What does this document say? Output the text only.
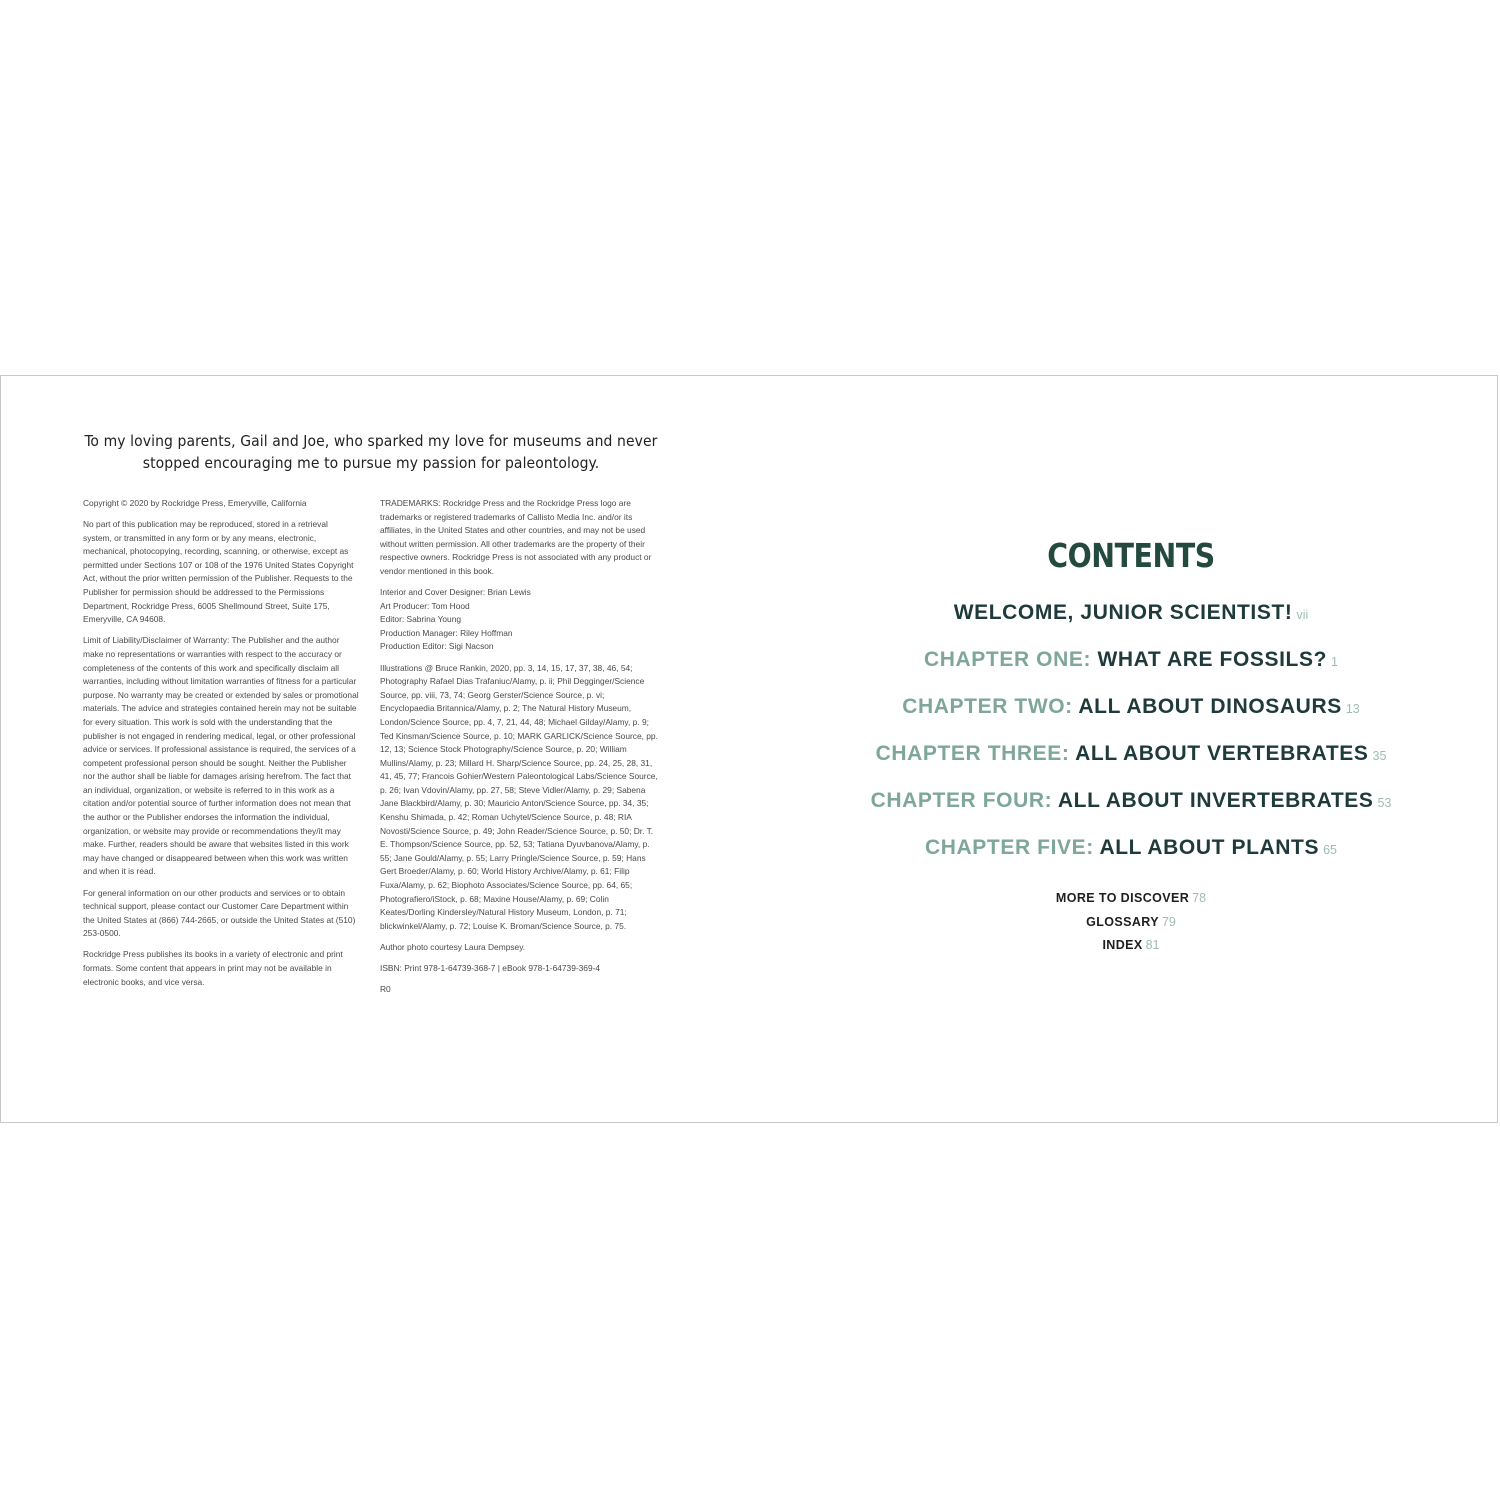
To my loving parents, Gail and Joe, who sparked my love for museums and never stopped encouraging me to pursue my passion for paleontology.

Copyright © 2020 by Rockridge Press, Emeryville, California

No part of this publication may be reproduced, stored in a retrieval system, or transmitted in any form or by any means, electronic, mechanical, photocopying, recording, scanning, or otherwise, except as permitted under Sections 107 or 108 of the 1976 United States Copyright Act, without the prior written permission of the Publisher. Requests to the Publisher for permission should be addressed to the Permissions Department, Rockridge Press, 6005 Shellmound Street, Suite 175, Emeryville, CA 94608.

Limit of Liability/Disclaimer of Warranty: The Publisher and the author make no representations or warranties with respect to the accuracy or completeness of the contents of this work and specifically disclaim all warranties, including without limitation warranties of fitness for a particular purpose. No warranty may be created or extended by sales or promotional materials. The advice and strategies contained herein may not be suitable for every situation. This work is sold with the understanding that the publisher is not engaged in rendering medical, legal, or other professional advice or services. If professional assistance is required, the services of a competent professional person should be sought. Neither the Publisher nor the author shall be liable for damages arising herefrom. The fact that an individual, organization, or website is referred to in this work as a citation and/or potential source of further information does not mean that the author or the Publisher endorses the information the individual, organization, or website may provide or recommendations they/it may make. Further, readers should be aware that websites listed in this work may have changed or disappeared between when this work was written and when it is read.

For general information on our other products and services or to obtain technical support, please contact our Customer Care Department within the United States at (866) 744-2665, or outside the United States at (510) 253-0500.

Rockridge Press publishes its books in a variety of electronic and print formats. Some content that appears in print may not be available in electronic books, and vice versa.

TRADEMARKS: Rockridge Press and the Rockridge Press logo are trademarks or registered trademarks of Callisto Media Inc. and/or its affiliates, in the United States and other countries, and may not be used without written permission. All other trademarks are the property of their respective owners. Rockridge Press is not associated with any product or vendor mentioned in this book.

Interior and Cover Designer: Brian Lewis
Art Producer: Tom Hood
Editor: Sabrina Young
Production Manager: Riley Hoffman
Production Editor: Sigi Nacson

Illustrations @ Bruce Rankin, 2020, pp. 3, 14, 15, 17, 37, 38, 46, 54; Photography Rafael Dias Trafaniuc/Alamy, p. ii; Phil Degginger/Science Source, pp. viii, 73, 74; Georg Gerster/Science Source, p. vi; Encyclopaedia Britannica/Alamy, p. 2; The Natural History Museum, London/Science Source, pp. 4, 7, 21, 44, 48; Michael Gilday/Alamy, p. 9; Ted Kinsman/Science Source, p. 10; MARK GARLICK/Science Source, pp. 12, 13; Science Stock Photography/Science Source, p. 20; William Mullins/Alamy, p. 23; Millard H. Sharp/Science Source, pp. 24, 25, 28, 31, 41, 45, 77; Francois Gohier/Western Paleontological Labs/Science Source, p. 26; Ivan Vdovin/Alamy, pp. 27, 58; Steve Vidler/Alamy, p. 29; Sabena Jane Blackbird/Alamy, p. 30; Mauricio Anton/Science Source, pp. 34, 35; Kenshu Shimada, p. 42; Roman Uchytel/Science Source, p. 48; RIA Novosti/Science Source, p. 49; John Reader/Science Source, p. 50; Dr. T. E. Thompson/Science Source, pp. 52, 53; Tatiana Dyuvbanova/Alamy, p. 55; Jane Gould/Alamy, p. 55; Larry Pringle/Science Source, p. 59; Hans Gert Broeder/Alamy, p. 60; World History Archive/Alamy, p. 61; Filip Fuxa/Alamy, p. 62; Biophoto Associates/Science Source, pp. 64, 65; Photografiero/iStock, p. 68; Maxine House/Alamy, p. 69; Colin Keates/Dorling Kindersley/Natural History Museum, London, p. 71; blickwinkel/Alamy, p. 72; Louise K. Broman/Science Source, p. 75.

Author photo courtesy Laura Dempsey.

ISBN: Print 978-1-64739-368-7 | eBook 978-1-64739-369-4

R0

CONTENTS
WELCOME, JUNIOR SCIENTIST! vii
CHAPTER ONE: WHAT ARE FOSSILS? 1
CHAPTER TWO: ALL ABOUT DINOSAURS 13
CHAPTER THREE: ALL ABOUT VERTEBRATES 35
CHAPTER FOUR: ALL ABOUT INVERTEBRATES 53
CHAPTER FIVE: ALL ABOUT PLANTS 65
MORE TO DISCOVER 78
GLOSSARY 79
INDEX 81
